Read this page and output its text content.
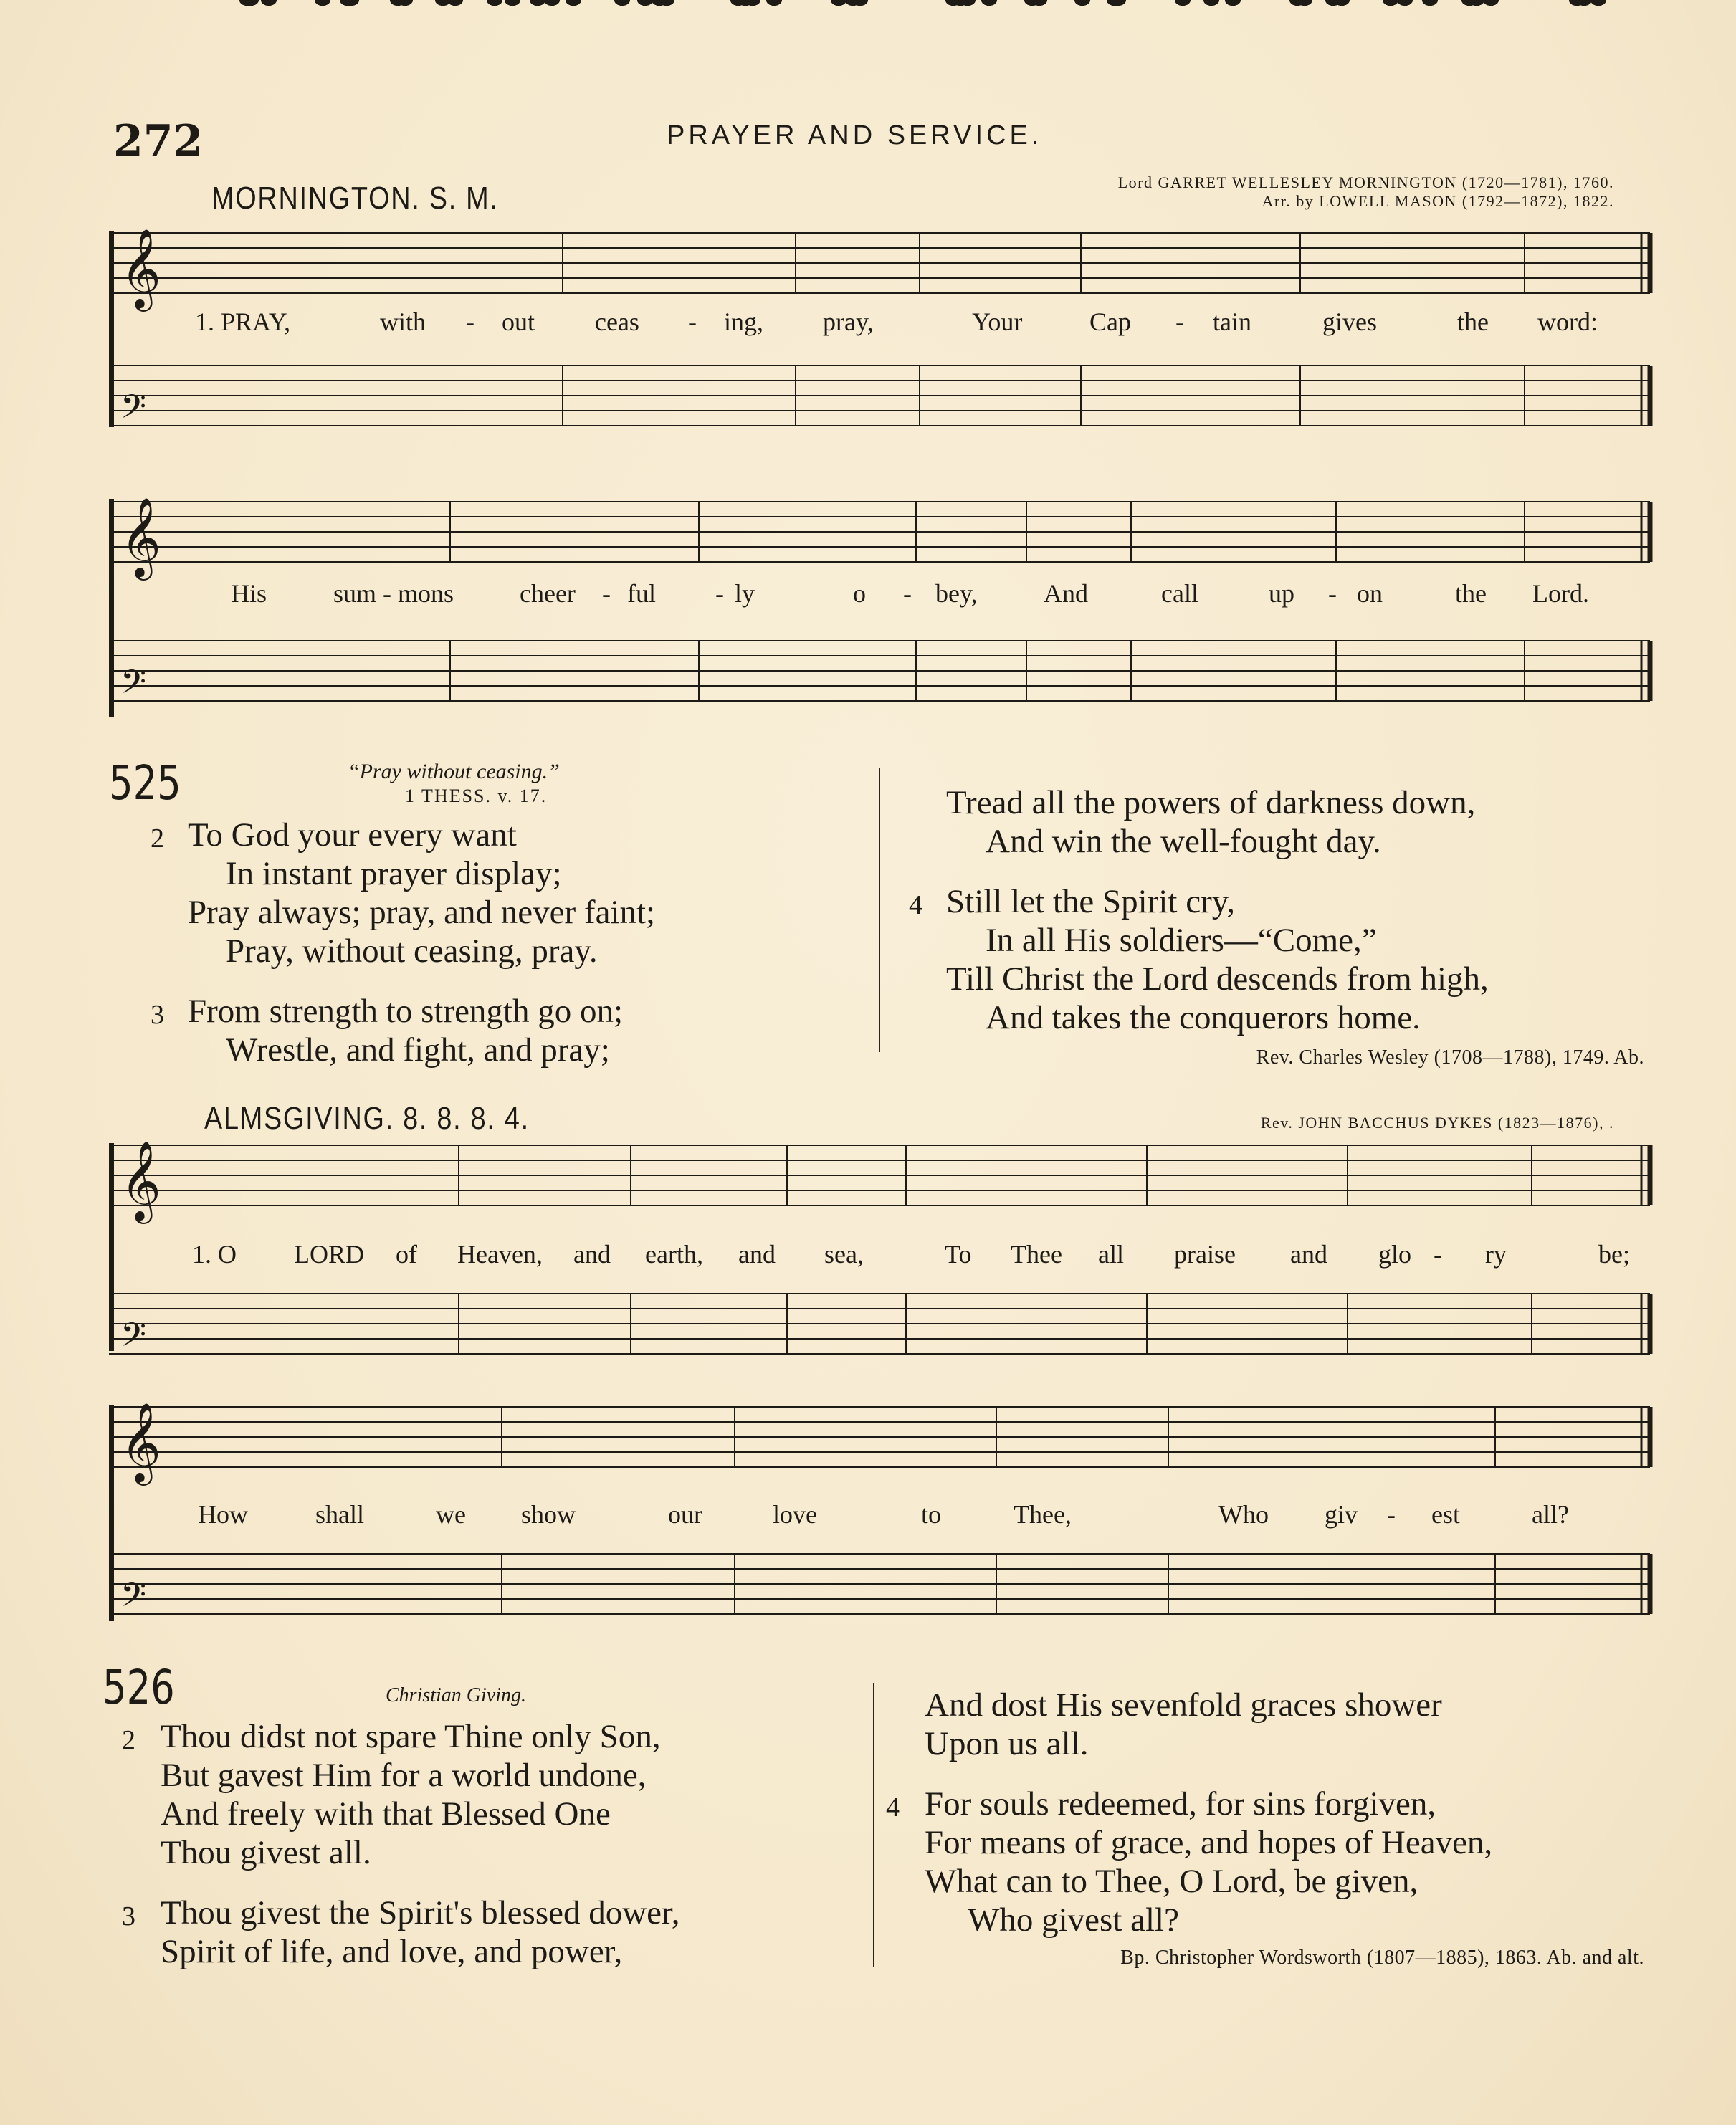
𝄞
𝄢
𝄞
𝄢
𝄞
𝄢
𝄞
𝄢
272	PRAYER AND SERVICE.
MORNINGTON. S. M.	Lord GARRET WELLESLEY MORNINGTON (1720—1781), 1760.
Arr. by LOWELL MASON (1792—1872), 1822.
1. PRAY,	with - out ceas - ing, pray,	Your	Cap - tain	gives	the word:
His	sum - mons	cheer - ful - ly	o - bey,	And	call	up - on	the Lord.
525	“Pray without ceasing.”
1 THESS. v. 17.
2 To God your every want
In instant prayer display;
Pray always; pray, and never faint;
Pray, without ceasing, pray.
3 From strength to strength go on;
Wrestle, and fight, and pray;
Tread all the powers of darkness down,
And win the well-fought day.
4 Still let the Spirit cry,
In all His soldiers—“Come,”
Till Christ the Lord descends from high,
And takes the conquerors home.
Rev. Charles Wesley (1708—1788), 1749. Ab.
ALMSGIVING. 8. 8. 8. 4.	Rev. JOHN BACCHUS DYKES (1823—1876), .
1. O LORD of Heaven, and earth, and sea,	To Thee all praise and glo - ry	be;
How	shall	we show	our	love	to	Thee,	Who giv - est	all?
526	Christian Giving.
2 Thou didst not spare Thine only Son,
But gavest Him for a world undone,
And freely with that Blessed One
Thou givest all.
3 Thou givest the Spirit's blessed dower,
Spirit of life, and love, and power,
And dost His sevenfold graces shower
Upon us all.
4 For souls redeemed, for sins forgiven,
For means of grace, and hopes of Heaven,
What can to Thee, O Lord, be given,
Who givest all?
Bp. Christopher Wordsworth (1807—1885), 1863. Ab. and alt.
